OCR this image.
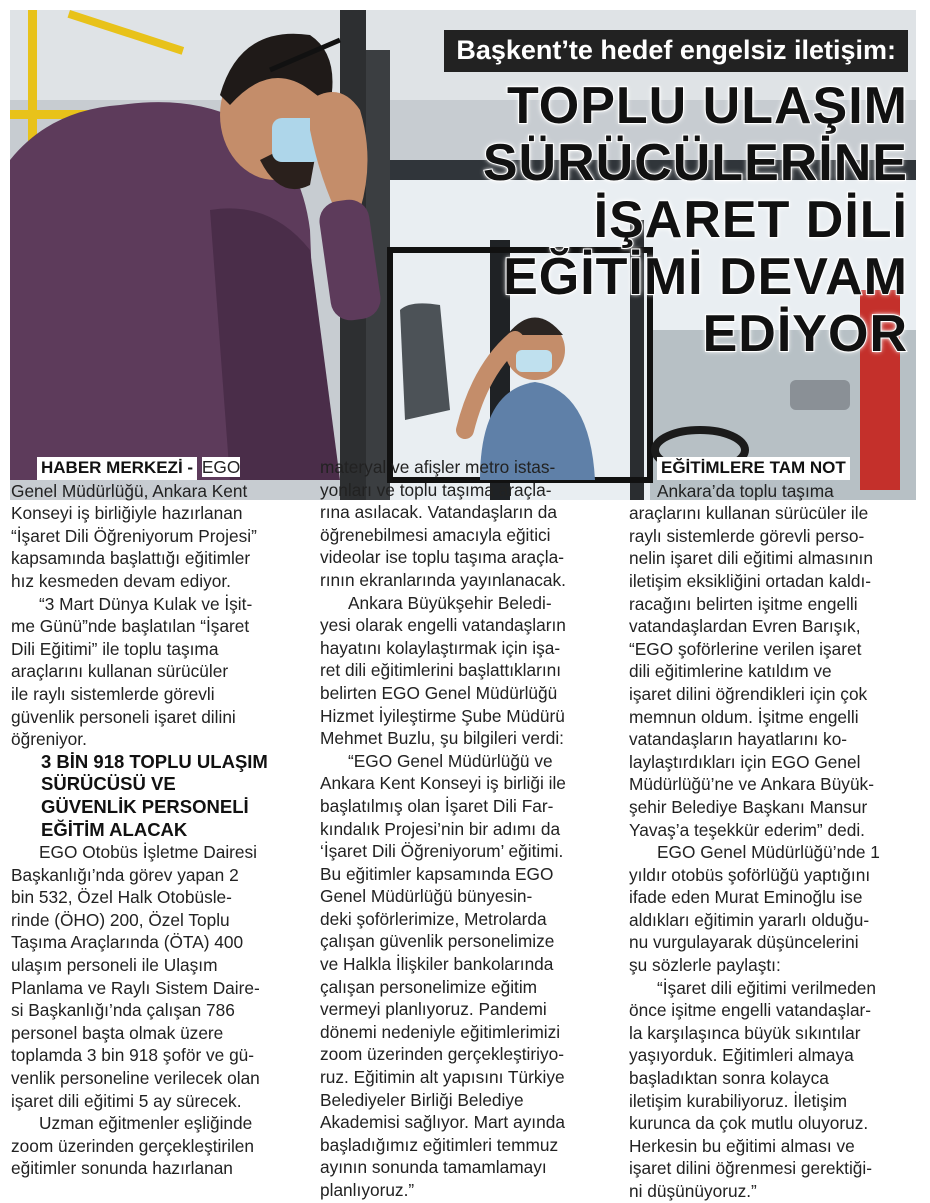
Başkent’te hedef engelsiz iletişim:
TOPLU ULAŞIM
SÜRÜCÜLERİNE
İŞARET DİLİ
EĞİTİMİ DEVAM
EDİYOR

HABER MERKEZİ - EGO
Genel Müdürlüğü, Ankara Kent
Konseyi iş birliğiyle hazırlanan
“İşaret Dili Öğreniyorum Projesi”
kapsamında başlattığı eğitimler
hız kesmeden devam ediyor.

“3 Mart Dünya Kulak ve İşit-
me Günü”nde başlatılan “İşaret
Dili Eğitimi” ile toplu taşıma
araçlarını kullanan sürücüler
ile raylı sistemlerde görevli
güvenlik personeli işaret dilini
öğreniyor.

3 BİN 918 TOPLU ULAŞIM
SÜRÜCÜSÜ VE
GÜVENLİK PERSONELİ
EĞİTİM ALACAK

EGO Otobüs İşletme Dairesi
Başkanlığı’nda görev yapan 2
bin 532, Özel Halk Otobüsle-
rinde (ÖHO) 200, Özel Toplu
Taşıma Araçlarında (ÖTA) 400
ulaşım personeli ile Ulaşım
Planlama ve Raylı Sistem Daire-
si Başkanlığı’nda çalışan 786
personel başta olmak üzere
toplamda 3 bin 918 şoför ve gü-
venlik personeline verilecek olan
işaret dili eğitimi 5 ay sürecek.

Uzman eğitmenler eşliğinde
zoom üzerinden gerçekleştirilen
eğitimler sonunda hazırlanan

materyal ve afişler metro istas-
yonları ve toplu taşıma araçla-
rına asılacak. Vatandaşların da
öğrenebilmesi amacıyla eğitici
videolar ise toplu taşıma araçla-
rının ekranlarında yayınlanacak.

Ankara Büyükşehir Beledi-
yesi olarak engelli vatandaşların
hayatını kolaylaştırmak için işa-
ret dili eğitimlerini başlattıklarını
belirten EGO Genel Müdürlüğü
Hizmet İyileştirme Şube Müdürü
Mehmet Buzlu, şu bilgileri verdi:

“EGO Genel Müdürlüğü ve
Ankara Kent Konseyi iş birliği ile
başlatılmış olan İşaret Dili Far-
kındalık Projesi’nin bir adımı da
‘İşaret Dili Öğreniyorum’ eğitimi.
Bu eğitimler kapsamında EGO
Genel Müdürlüğü bünyesin-
deki şoförlerimize, Metrolarda
çalışan güvenlik personelimize
ve Halkla İlişkiler bankolarında
çalışan personelimize eğitim
vermeyi planlıyoruz. Pandemi
dönemi nedeniyle eğitimlerimizi
zoom üzerinden gerçekleştiriyo-
ruz. Eğitimin alt yapısını Türkiye
Belediyeler Birliği Belediye
Akademisi sağlıyor. Mart ayında
başladığımız eğitimleri temmuz
ayının sonunda tamamlamayı
planlıyoruz.”

EĞİTİMLERE TAM NOT

Ankara’da toplu taşıma
araçlarını kullanan sürücüler ile
raylı sistemlerde görevli perso-
nelin işaret dili eğitimi almasının
iletişim eksikliğini ortadan kaldı-
racağını belirten işitme engelli
vatandaşlardan Evren Barışık,
“EGO şoförlerine verilen işaret
dili eğitimlerine katıldım ve
işaret dilini öğrendikleri için çok
memnun oldum. İşitme engelli
vatandaşların hayatlarını ko-
laylaştırdıkları için EGO Genel
Müdürlüğü’ne ve Ankara Büyük-
şehir Belediye Başkanı Mansur
Yavaş’a teşekkür ederim” dedi.

EGO Genel Müdürlüğü’nde 1
yıldır otobüs şoförlüğü yaptığını
ifade eden Murat Eminoğlu ise
aldıkları eğitimin yararlı olduğu-
nu vurgulayarak düşüncelerini
şu sözlerle paylaştı:

“İşaret dili eğitimi verilmeden
önce işitme engelli vatandaşlar-
la karşılaşınca büyük sıkıntılar
yaşıyorduk. Eğitimleri almaya
başladıktan sonra kolayca
iletişim kurabiliyoruz. İletişim
kurunca da çok mutlu oluyoruz.
Herkesin bu eğitimi alması ve
işaret dilini öğrenmesi gerektiği-
ni düşünüyoruz.”
